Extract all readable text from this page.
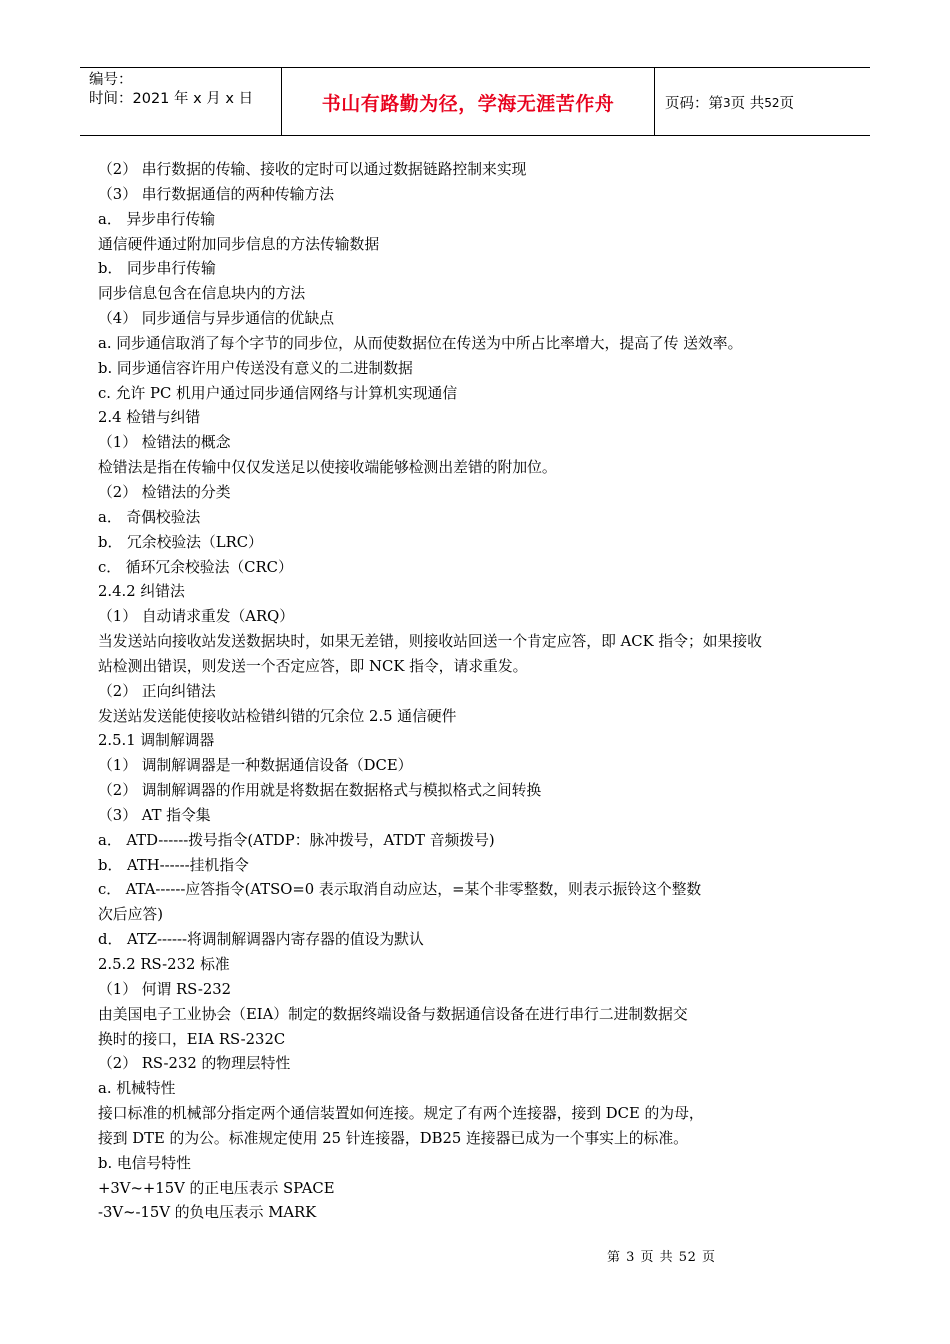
编号：
时间：2021 年 x 月 x 日	书山有路勤为径，学海无涯苦作舟	页码：第 3 页 共 52 页
（2） 串行数据的传输、接收的定时可以通过数据链路控制来实现
（3） 串行数据通信的两种传输方法
a． 异步串行传输
通信硬件通过附加同步信息的方法传输数据
b． 同步串行传输
同步信息包含在信息块内的方法
（4） 同步通信与异步通信的优缺点
a. 同步通信取消了每个字节的同步位，从而使数据位在传送为中所占比率增大，提高了传 送效率。
b. 同步通信容许用户传送没有意义的二进制数据
c. 允许 PC 机用户通过同步通信网络与计算机实现通信
2.4 检错与纠错
（1） 检错法的概念
检错法是指在传输中仅仅发送足以使接收端能够检测出差错的附加位。
（2） 检错法的分类
a． 奇偶校验法
b． 冗余校验法（LRC）
c． 循环冗余校验法（CRC）
2.4.2 纠错法
（1） 自动请求重发（ARQ）
当发送站向接收站发送数据块时，如果无差错，则接收站回送一个肯定应答，即 ACK 指令；如果接收
站检测出错误，则发送一个否定应答，即 NCK 指令，请求重发。
（2） 正向纠错法
发送站发送能使接收站检错纠错的冗余位 2.5 通信硬件
2.5.1 调制解调器
（1） 调制解调器是一种数据通信设备（DCE）
（2） 调制解调器的作用就是将数据在数据格式与模拟格式之间转换
（3） AT 指令集
a． ATD------拨号指令(ATDP：脉冲拨号，ATDT 音频拨号)
b． ATH------挂机指令
c． ATA------应答指令(ATSO=0 表示取消自动应达，=某个非零整数，则表示振铃这个整数
次后应答)
d． ATZ------将调制解调器内寄存器的值设为默认
2.5.2 RS-232 标准
（1） 何谓 RS-232
由美国电子工业协会（EIA）制定的数据终端设备与数据通信设备在进行串行二进制数据交
换时的接口，EIA RS-232C
（2） RS-232 的物理层特性
a. 机械特性
接口标准的机械部分指定两个通信装置如何连接。规定了有两个连接器，接到 DCE 的为母，
接到 DTE 的为公。标准规定使用 25 针连接器，DB25 连接器已成为一个事实上的标准。
b. 电信号特性
+3V~+15V 的正电压表示 SPACE
-3V~-15V 的负电压表示 MARK
第 3 页 共 52 页
